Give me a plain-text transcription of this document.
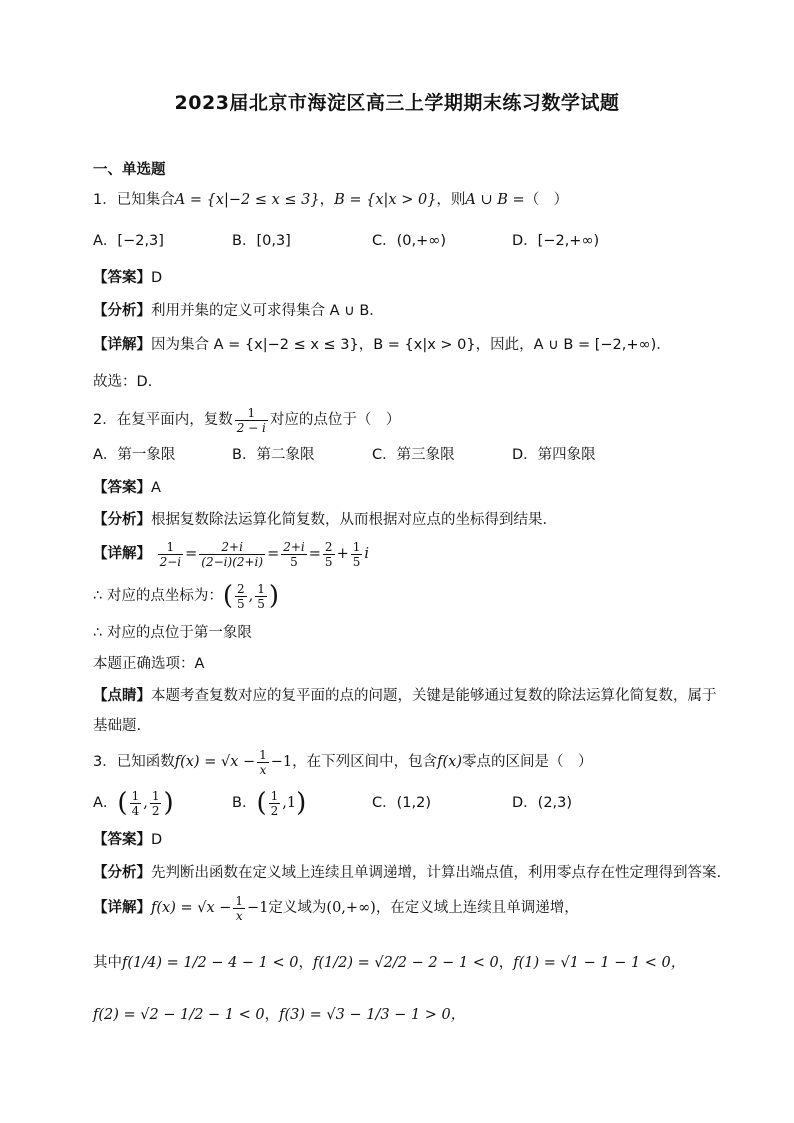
2023届北京市海淀区高三上学期期末练习数学试题
一、单选题
1．已知集合A = {x|−2 ≤ x ≤ 3}，B = {x|x > 0}，则A ∪ B =（　）
A．[−2,3]	B．[0,3]	C．(0,+∞)	D．[−2,+∞)
【答案】D
【分析】利用并集的定义可求得集合 A ∪ B．
【详解】因为集合 A = {x|−2 ≤ x ≤ 3}，B = {x|x > 0}，因此，A ∪ B = [−2,+∞)．
故选：D.
2．在复平面内，复数 $\frac{1}{2 - i}$ 对应的点位于（　）
A．第一象限	B．第二象限	C．第三象限	D．第四象限
【答案】A
【分析】根据复数除法运算化简复数，从而根据对应点的坐标得到结果．
【详解】 $\frac{1}{2-i} = \frac{2+i}{(2-i)(2+i)} = \frac{2+i}{5} = \frac{2}{5} + \frac{1}{5}$ i
∴ 对应的点坐标为：( $\frac{2}{5}$ , $\frac{1}{5}$ )
∴ 对应的点位于第一象限
本题正确选项：A
【点睛】本题考查复数对应的复平面的点的问题，关键是能够通过复数的除法运算化简复数，属于
基础题.
3．已知函数$f(x) = √x - \frac{1}{x} -1$，在下列区间中，包含f(x)零点的区间是（　）
A．( $\frac{1}{4}$ , $\frac{1}{2}$ )	B．( $\frac{1}{2} ,1$)	C．(1,2)	D．(2,3)
【答案】D
【分析】先判断出函数在定义域上连续且单调递增，计算出端点值，利用零点存在性定理得到答案.
【详解】$f(x) = √x - \frac{1}{x} -1$定义域为(0,+∞)，在定义域上连续且单调递增，
其中f(1/4) = 1/2 − 4 − 1 < 0，f(1/2) = √2/2 − 2 − 1 < 0，f(1) = √1 − 1 − 1 < 0，
f(2) = √2 − 1/2 − 1 < 0，f(3) = √3 − 1/3 − 1 > 0，
